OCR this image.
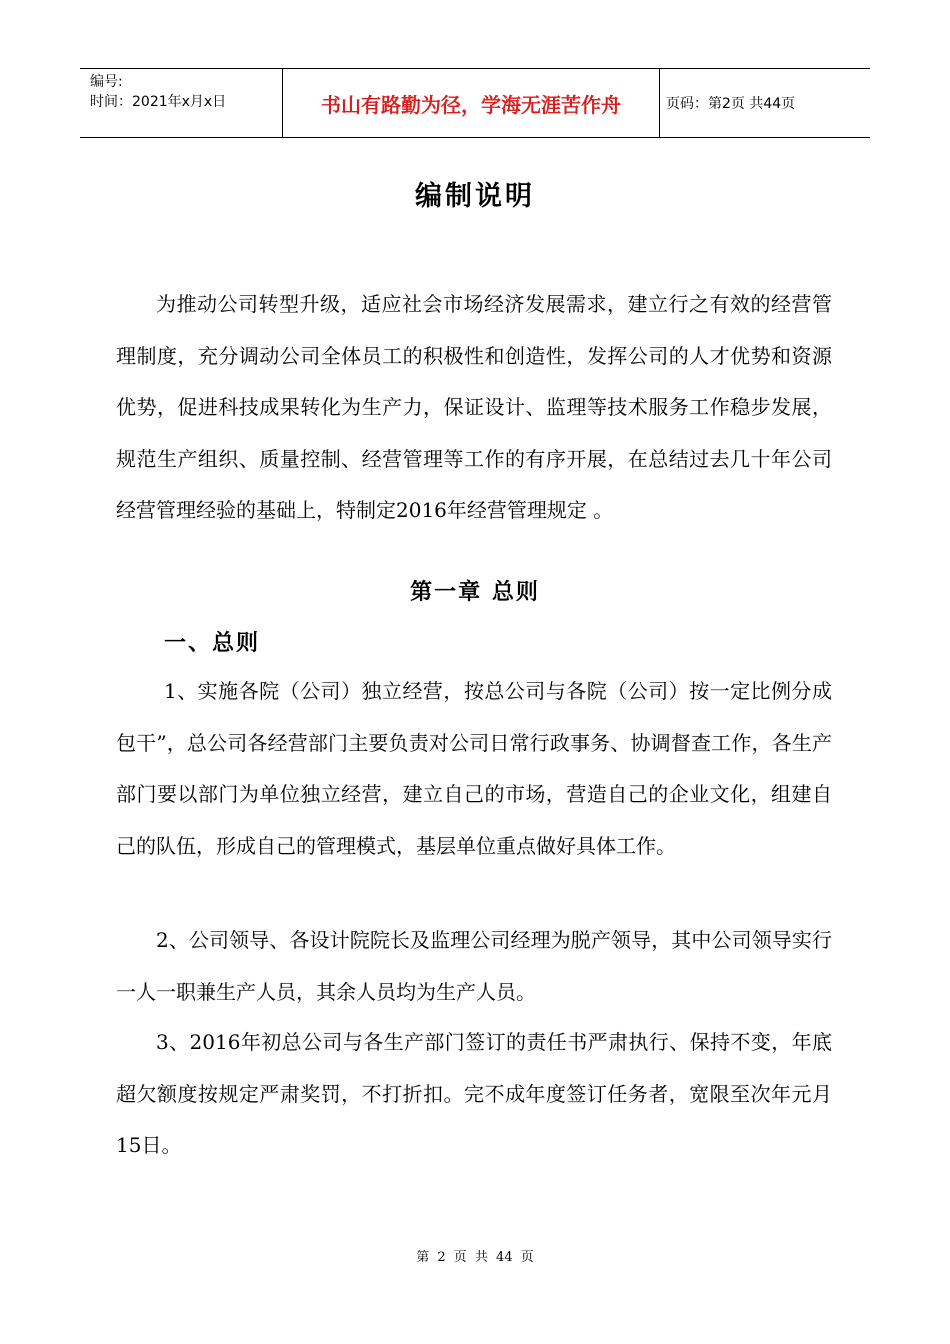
编号:
时间：2021年x月x日	书山有路勤为径，学海无涯苦作舟	页码：第2页 共44页
编制说明

为推动公司转型升级，适应社会市场经济发展需求，建立行之有效的经营管理制度，充分调动公司全体员工的积极性和创造性，发挥公司的人才优势和资源优势，促进科技成果转化为生产力，保证设计、监理等技术服务工作稳步发展，规范生产组织、质量控制、经营管理等工作的有序开展，在总结过去几十年公司经营管理经验的基础上，特制定2016年经营管理规定 。

第一章 总则
一、总则

1、实施各院（公司）独立经营，按总公司与各院（公司）按一定比例分成包干”，总公司各经营部门主要负责对公司日常行政事务、协调督查工作，各生产部门要以部门为单位独立经营，建立自己的市场，营造自己的企业文化，组建自己的队伍，形成自己的管理模式，基层单位重点做好具体工作。

2、公司领导、各设计院院长及监理公司经理为脱产领导，其中公司领导实行一人一职兼生产人员，其余人员均为生产人员。

3、2016年初总公司与各生产部门签订的责任书严肃执行、保持不变，年底超欠额度按规定严肃奖罚，不打折扣。完不成年度签订任务者，宽限至次年元月15日。

第 2 页 共 44 页
